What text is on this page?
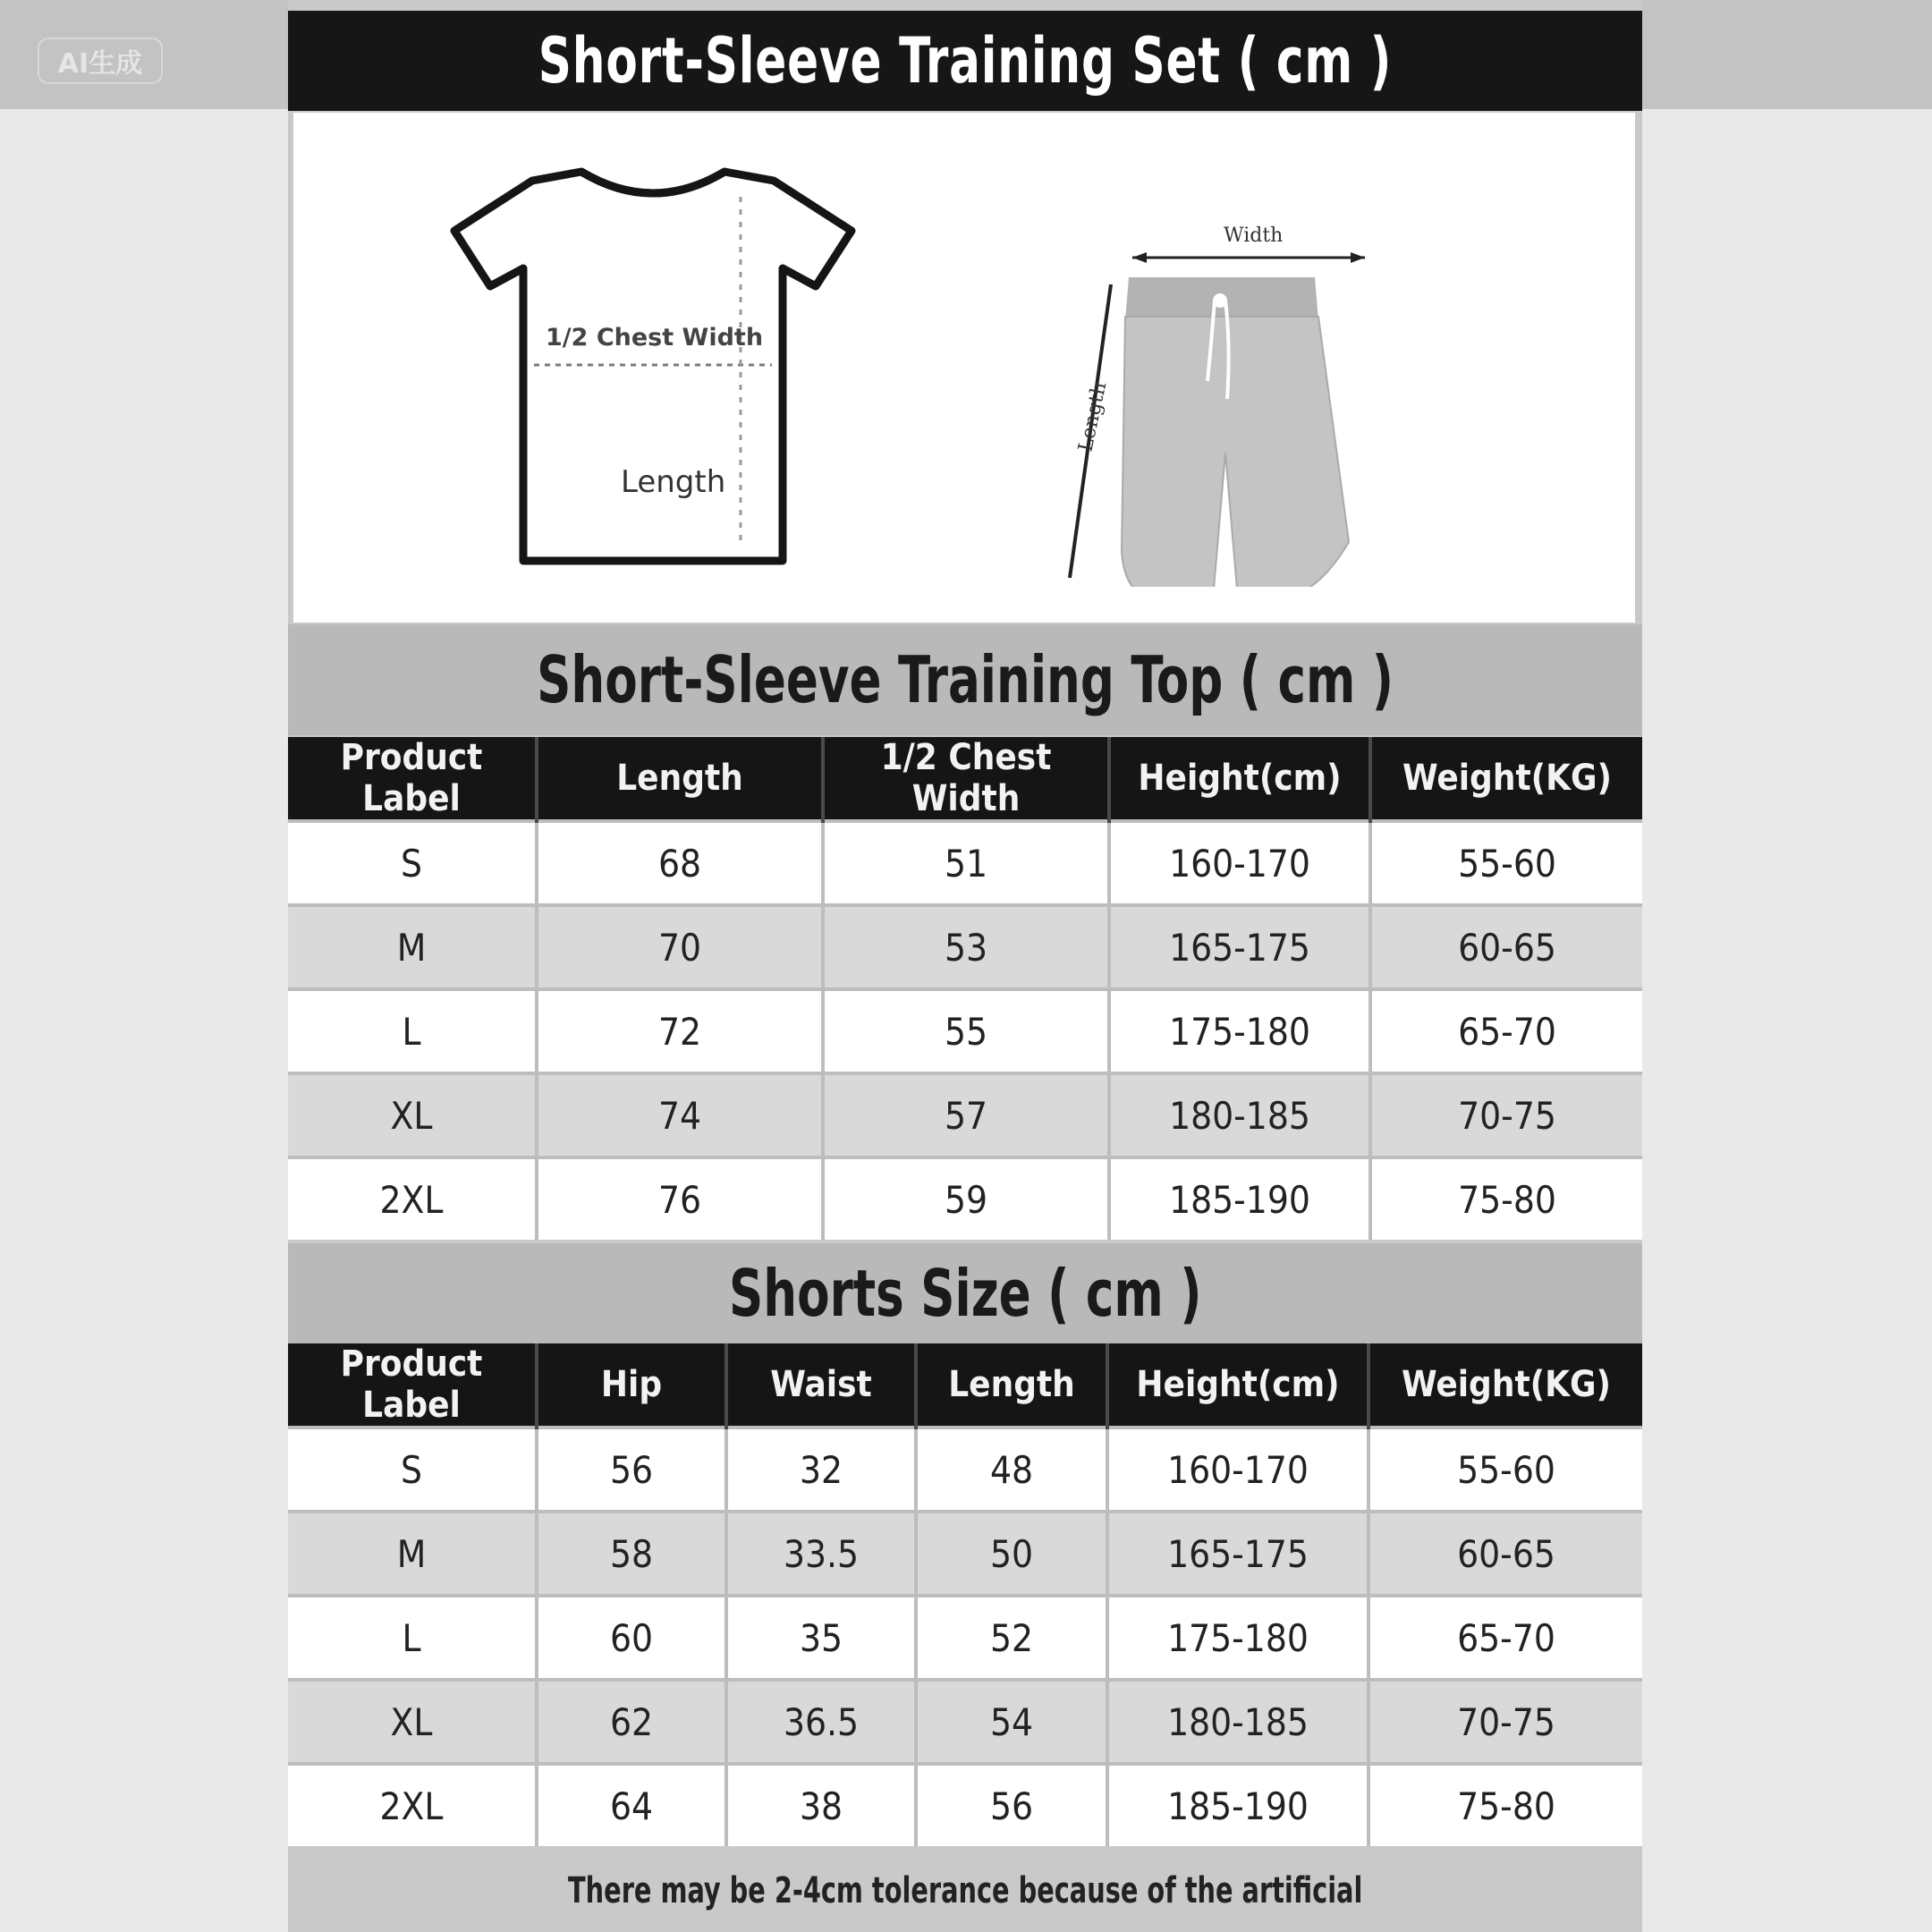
AI生成	Short-Sleeve Training Set ( cm )
1/2 Chest Width
Length
Width
Length
Short-Sleeve Training Top ( cm )
Product Label	Length	1/2 Chest Width	Height(cm)	Weight(KG)
S	68	51	160-170	55-60
M	70	53	165-175	60-65
L	72	55	175-180	65-70
XL	74	57	180-185	70-75
2XL	76	59	185-190	75-80
Shorts Size ( cm )
Product Label	Hip	Waist	Length	Height(cm)	Weight(KG)
S	56	32	48	160-170	55-60
M	58	33.5	50	165-175	60-65
L	60	35	52	175-180	65-70
XL	62	36.5	54	180-185	70-75
2XL	64	38	56	185-190	75-80
There may be 2-4cm tolerance because of the artificial
